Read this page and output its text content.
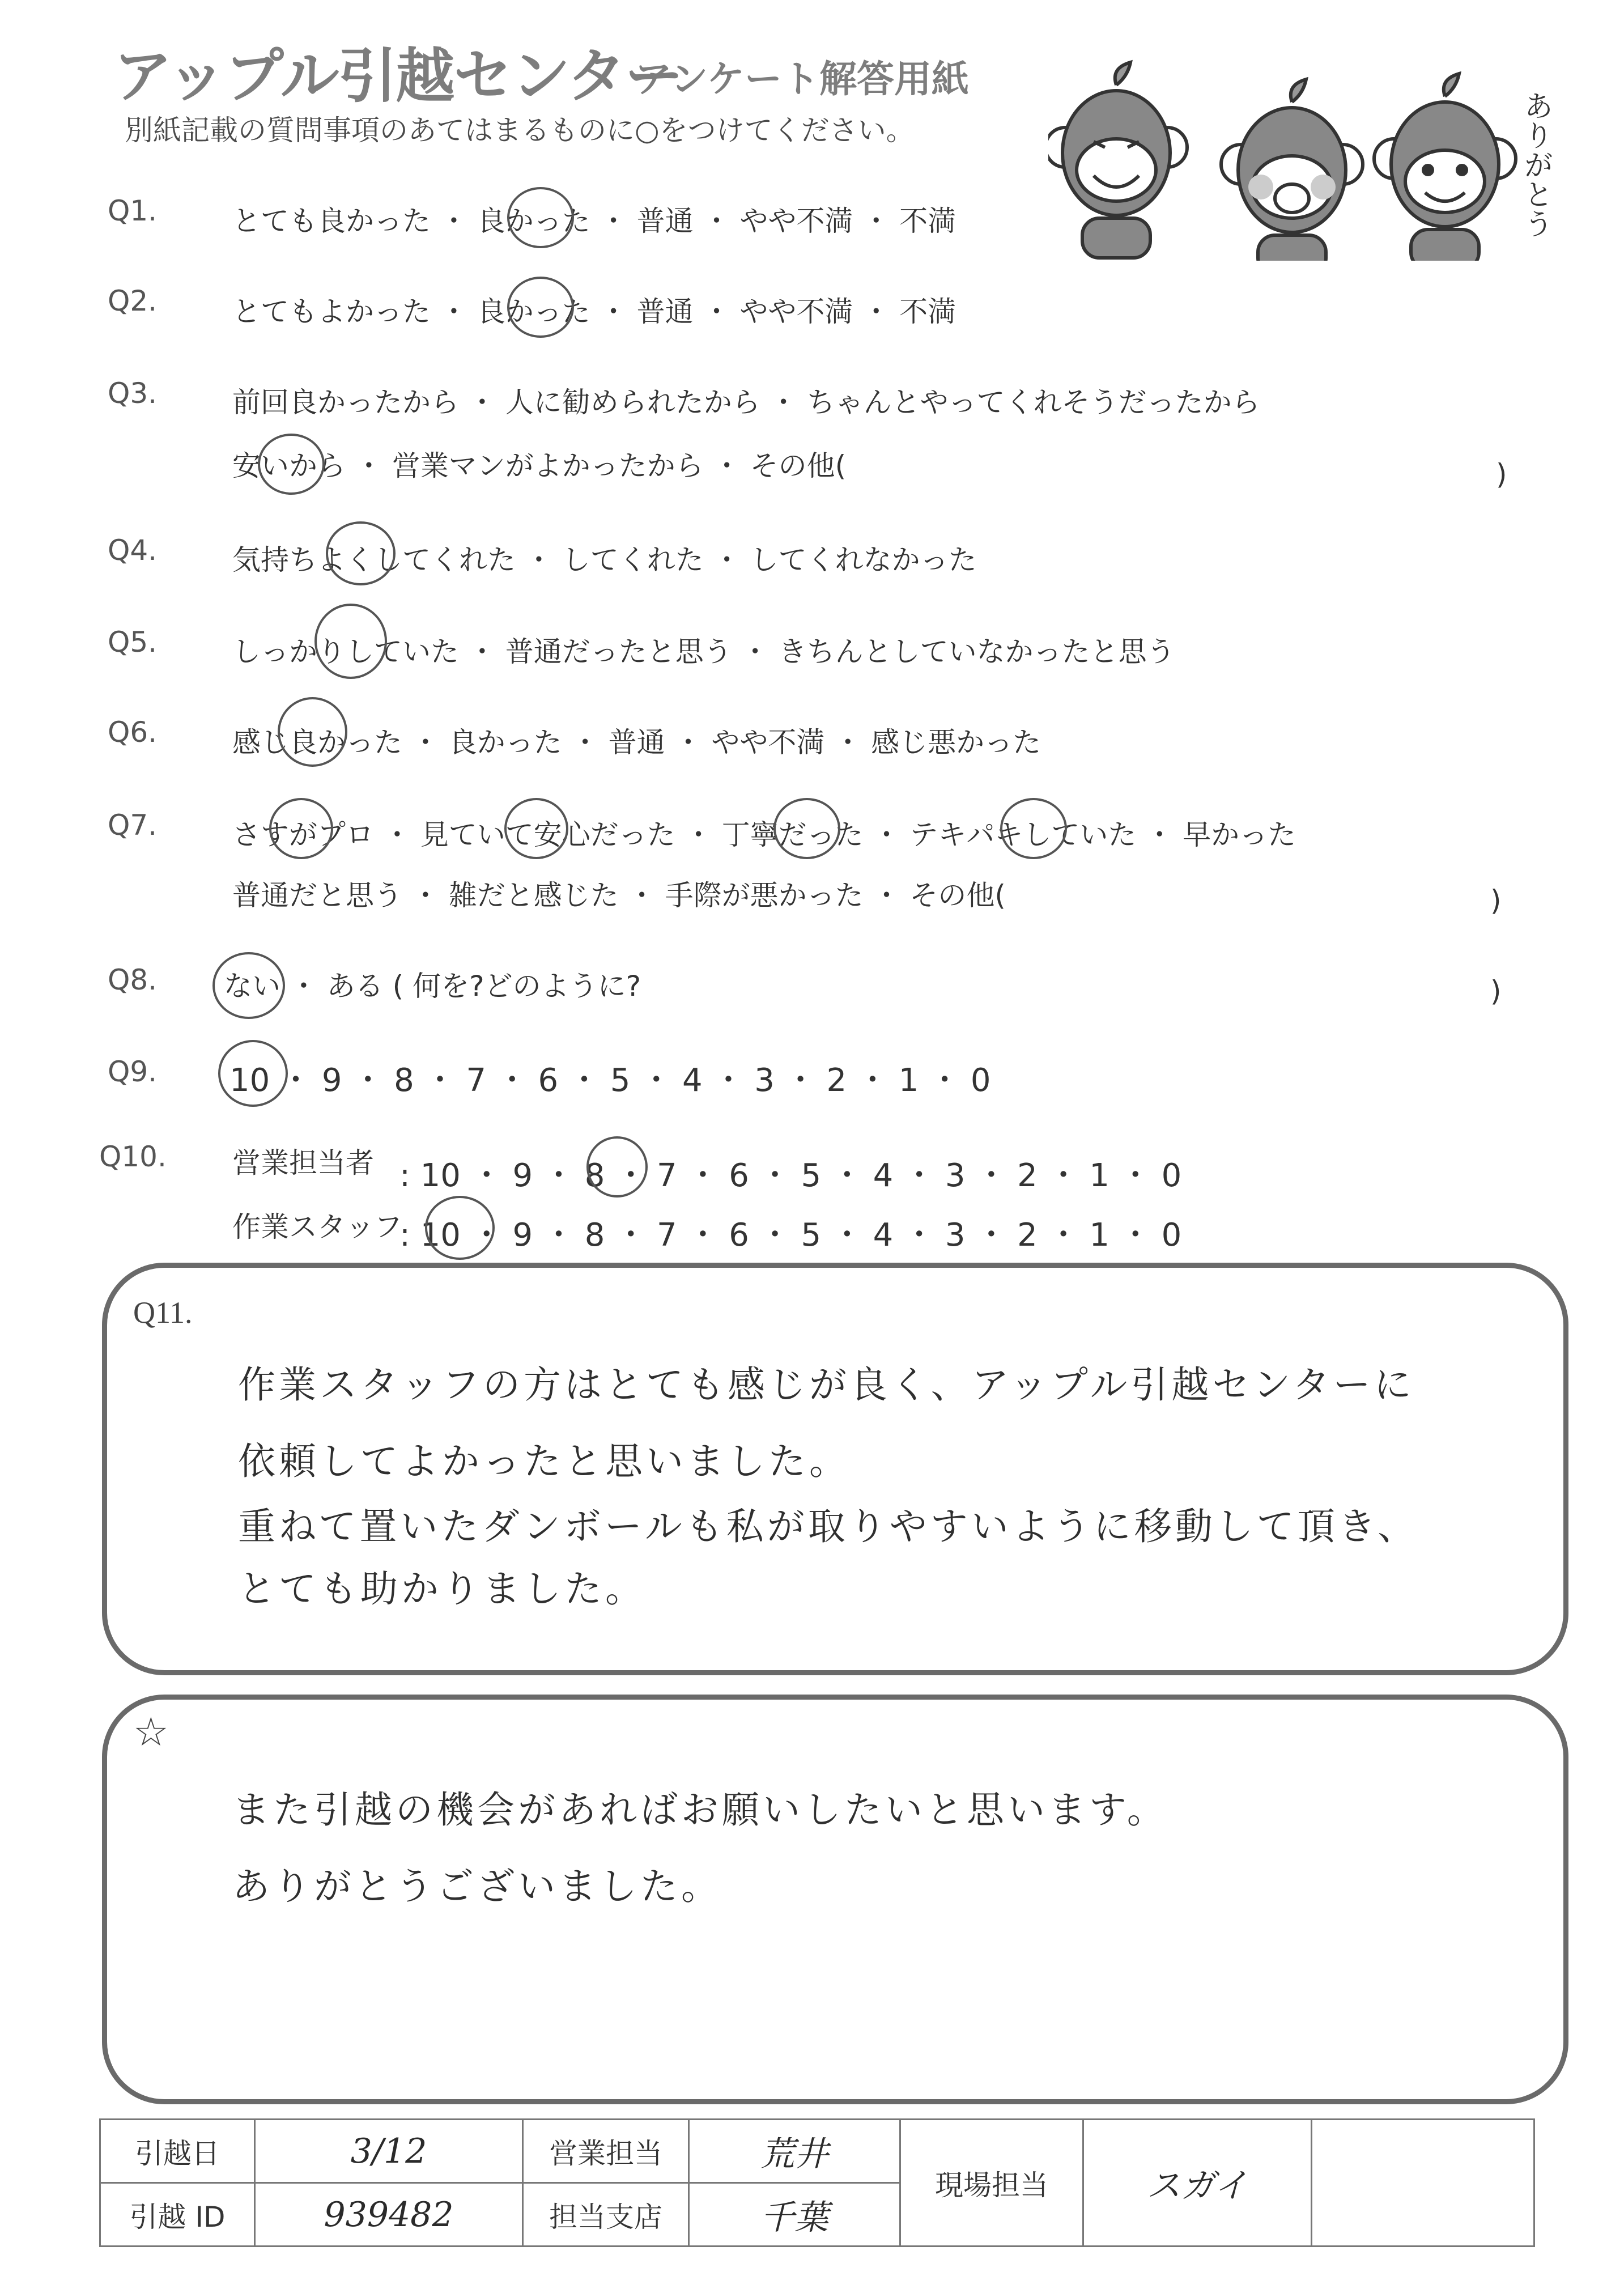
アップル引越センター
アンケート解答用紙
別紙記載の質問事項のあてはまるものに○をつけてください。	ありがとう
Q1.	とても良かった ・ 良かった ・ 普通 ・ やや不満 ・ 不満
Q2.	とてもよかった ・ 良かった ・ 普通 ・ やや不満 ・ 不満
Q3.	前回良かったから ・ 人に勧められたから ・ ちゃんとやってくれそうだったから
安いから ・ 営業マンがよかったから ・ その他(	)
Q4.	気持ちよくしてくれた ・ してくれた ・ してくれなかった
Q5.	しっかりしていた ・ 普通だったと思う ・ きちんとしていなかったと思う
Q6.	感じ良かった ・ 良かった ・ 普通 ・ やや不満 ・ 感じ悪かった
Q7.	さすがプロ ・ 見ていて安心だった ・ 丁寧だった ・ テキパキしていた ・ 早かった
普通だと思う ・ 雑だと感じた ・ 手際が悪かった ・ その他(	)
Q8. ない ・ ある ( 何を?どのように?	)
Q9. 10 ・ 9 ・ 8 ・ 7 ・ 6 ・ 5 ・ 4 ・ 3 ・ 2 ・ 1 ・ 0
Q10. 営業担当者 : 10 ・ 9 ・ 8 ・ 7 ・ 6 ・ 5 ・ 4 ・ 3 ・ 2 ・ 1 ・ 0
作業スタッフ
: 10 ・ 9 ・ 8 ・ 7 ・ 6 ・ 5 ・ 4 ・ 3 ・ 2 ・ 1 ・ 0
Q11.
作業スタッフの方はとても感じが良く、アップル引越センターに
依頼してよかったと思いました。
重ねて置いたダンボールも私が取りやすいように移動して頂き、
とても助かりました。
☆
また引越の機会があればお願いしたいと思います。
ありがとうございました。
引越日	3/12	営業担当	荒井	現場担当	スガイ	
引越 ID	939482	担当支店	千葉			
